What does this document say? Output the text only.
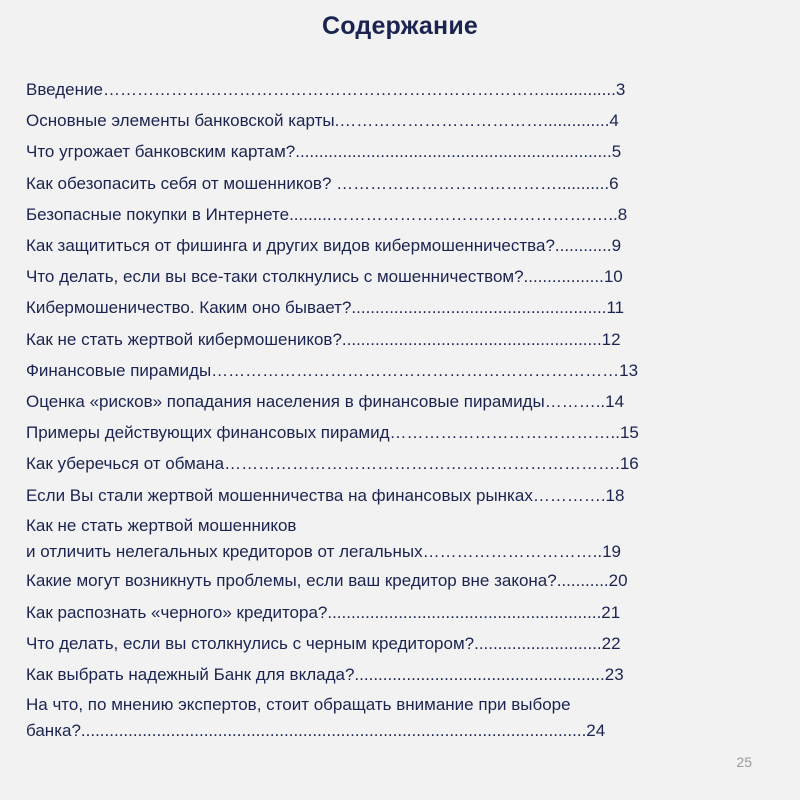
Содержание
Введение……………………………………………………………………...............3
Основные элементы банковской карты.………………………………..............4
Что угрожает банковским картам?...................................................................5
Как обезопасить себя от мошенников? …………………………………...........6
Безопасные покупки в Интернете.........……………………………………….…..8
Как защититься от фишинга и других видов кибермошенничества?............9
Что делать, если вы все-таки столкнулись с мошенничеством?.................10
Кибермошеничество. Каким оно бывает?......................................................11
Как не стать жертвой кибермошеников?.......................................................12
Финансовые пирамиды………………………………………………………………13
Оценка «рисков» попадания населения в финансовые пирамиды………..14
Примеры действующих финансовых пирамид…………………………………..15
Как уберечься от обмана…………………………………………………………….16
Если Вы стали жертвой мошенничества на финансовых рынках………….18
Как не стать жертвой мошенников
и отличить нелегальных кредиторов от легальных…………………………..19
Какие могут возникнуть проблемы, если ваш кредитор вне закона?...........20
Как распознать «черного» кредитора?..........................................................21
Что делать, если вы столкнулись с черным кредитором?...........................22
Как выбрать надежный Банк для вклада?.....................................................23
На что, по мнению экспертов, стоит обращать внимание при выборе
банка?...........................................................................................................24
25
